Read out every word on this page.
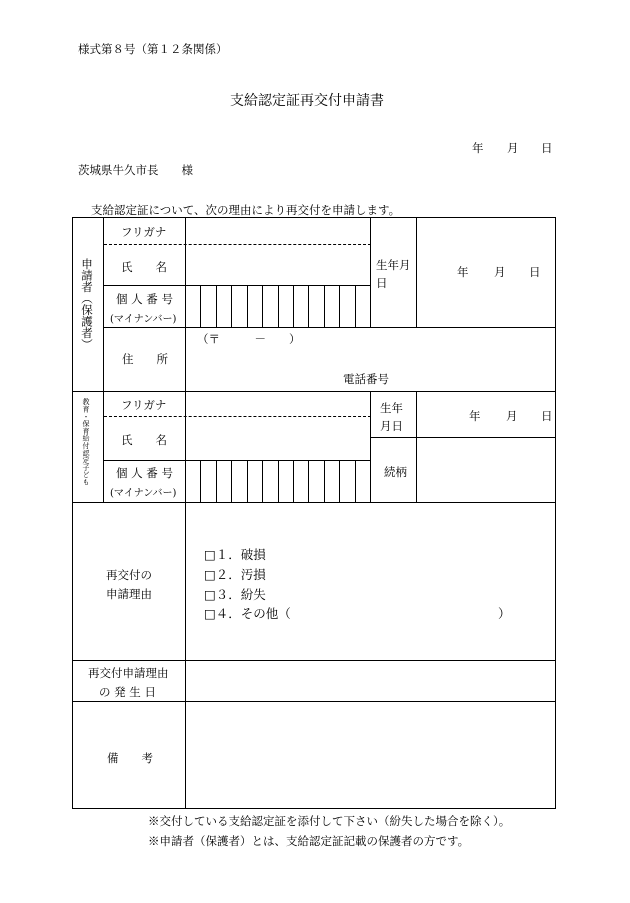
様式第８号（第１２条関係）
支給認定証再交付申請書
年 月 日
茨城県牛久市長　　様
支給認定証について、次の理由により再交付を申請します。
申請者（保護者）
フリガナ
氏　　名
個 人 番 号
(マイナンバー)
生年月日
年 月 日
住　　所
（〒　　　－　　）
電話番号
教育・保育給付認定子ども	フリガナ
氏　　名
個 人 番 号
(マイナンバー)
生年月日
年 月 日
続柄
再交付の
申請理由
□１．破損
□２．汚損
□３．紛失
□４．その他（	）
再交付申請理由
の 発 生 日
備　　考
※交付している支給認定証を添付して下さい（紛失した場合を除く）。
※申請者（保護者）とは、支給認定証記載の保護者の方です。
